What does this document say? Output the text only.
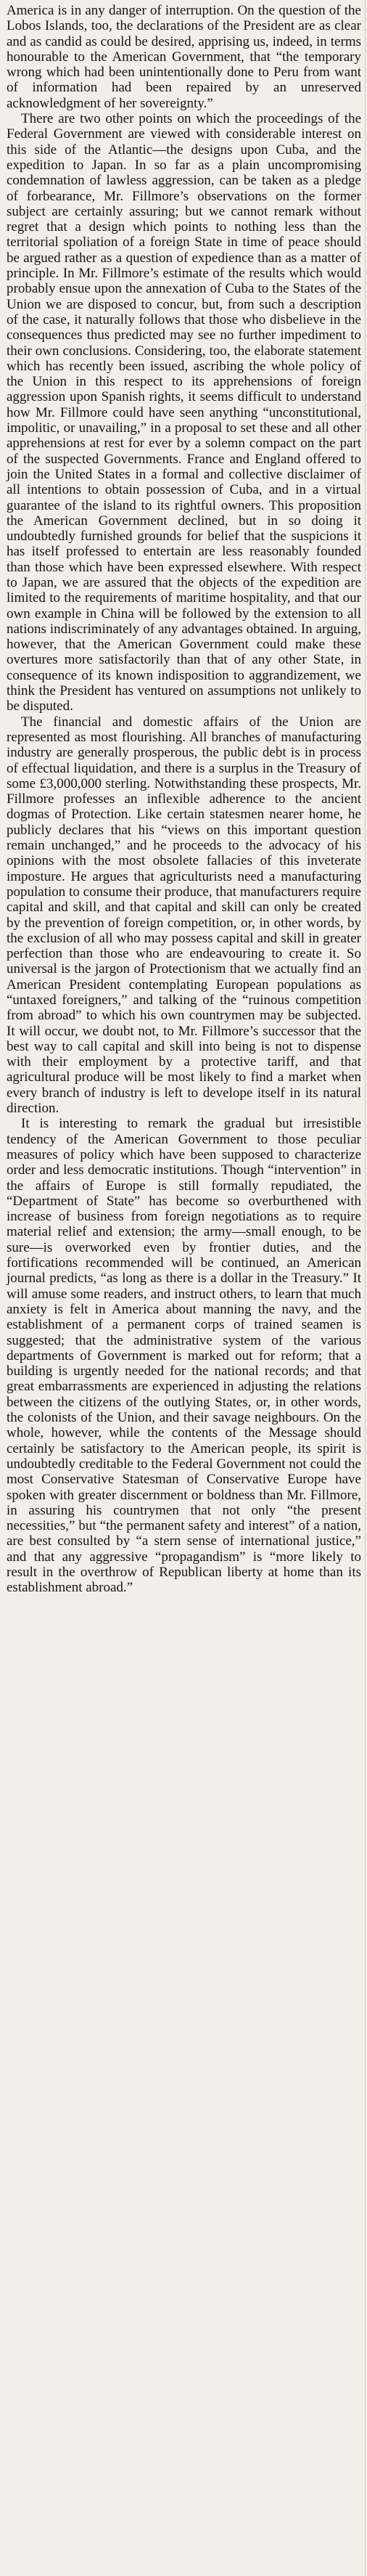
America is in any danger of interruption. On the question of the Lobos Islands, too, the declarations of the President are as clear and as candid as could be desired, apprising us, indeed, in terms honourable to the American Government, that “the temporary wrong which had been unintentionally done to Peru from want of information had been repaired by an unreserved acknowledgment of her sovereignty.”

There are two other points on which the proceedings of the Federal Government are viewed with considerable interest on this side of the Atlantic—the designs upon Cuba, and the expedition to Japan. In so far as a plain uncompromising condemnation of lawless aggression, can be taken as a pledge of forbearance, Mr. Fillmore’s observations on the former subject are certainly assuring; but we cannot remark without regret that a design which points to nothing less than the territorial spoliation of a foreign State in time of peace should be argued rather as a question of expedience than as a matter of principle. In Mr. Fillmore’s estimate of the results which would probably ensue upon the annexation of Cuba to the States of the Union we are disposed to concur, but, from such a description of the case, it naturally follows that those who disbelieve in the consequences thus predicted may see no further impediment to their own conclusions. Considering, too, the elaborate statement which has recently been issued, ascribing the whole policy of the Union in this respect to its apprehensions of foreign aggression upon Spanish rights, it seems difficult to understand how Mr. Fillmore could have seen anything “unconstitutional, impolitic, or unavailing,” in a proposal to set these and all other apprehensions at rest for ever by a solemn compact on the part of the suspected Governments. France and England offered to join the United States in a formal and collective disclaimer of all intentions to obtain possession of Cuba, and in a virtual guarantee of the island to its rightful owners. This proposition the American Government declined, but in so doing it undoubtedly furnished grounds for belief that the suspicions it has itself professed to entertain are less reasonably founded than those which have been expressed elsewhere. With respect to Japan, we are assured that the objects of the expedition are limited to the requirements of maritime hospitality, and that our own example in China will be followed by the extension to all nations indiscriminately of any advantages obtained. In arguing, however, that the American Government could make these overtures more satisfactorily than that of any other State, in consequence of its known indisposition to aggrandizement, we think the President has ventured on assumptions not unlikely to be disputed.

The financial and domestic affairs of the Union are represented as most flourishing. All branches of manufacturing industry are generally prosperous, the public debt is in process of effectual liquidation, and there is a surplus in the Treasury of some £3,000,000 sterling. Notwithstanding these prospects, Mr. Fillmore professes an inflexible adherence to the ancient dogmas of Protection. Like certain statesmen nearer home, he publicly declares that his “views on this important question remain unchanged,” and he proceeds to the advocacy of his opinions with the most obsolete fallacies of this inveterate imposture. He argues that agriculturists need a manufacturing population to consume their produce, that manufacturers require capital and skill, and that capital and skill can only be created by the prevention of foreign competition, or, in other words, by the exclusion of all who may possess capital and skill in greater perfection than those who are endeavouring to create it. So universal is the jargon of Protectionism that we actually find an American President contemplating European populations as “untaxed foreigners,” and talking of the “ruinous competition from abroad” to which his own countrymen may be subjected. It will occur, we doubt not, to Mr. Fillmore’s successor that the best way to call capital and skill into being is not to dispense with their employment by a protective tariff, and that agricultural produce will be most likely to find a market when every branch of industry is left to develope itself in its natural direction.

It is interesting to remark the gradual but irresistible tendency of the American Government to those peculiar measures of policy which have been supposed to characterize order and less democratic institutions. Though “intervention” in the affairs of Europe is still formally repudiated, the “Department of State” has become so overburthened with increase of business from foreign negotiations as to require material relief and extension; the army—small enough, to be sure—is overworked even by frontier duties, and the fortifications recommended will be continued, an American journal predicts, “as long as there is a dollar in the Treasury.” It will amuse some readers, and instruct others, to learn that much anxiety is felt in America about manning the navy, and the establishment of a permanent corps of trained seamen is suggested; that the administrative system of the various departments of Government is marked out for reform; that a building is urgently needed for the national records; and that great embarrassments are experienced in adjusting the relations between the citizens of the outlying States, or, in other words, the colonists of the Union, and their savage neighbours. On the whole, however, while the contents of the Message should certainly be satisfactory to the American people, its spirit is undoubtedly creditable to the Federal Government not could the most Conservative Statesman of Conservative Europe have spoken with greater discernment or boldness than Mr. Fillmore, in assuring his countrymen that not only “the present necessities,” but “the permanent safety and interest” of a nation, are best consulted by “a stern sense of international justice,” and that any aggressive “propagandism” is “more likely to result in the overthrow of Republican liberty at home than its establishment abroad.”
